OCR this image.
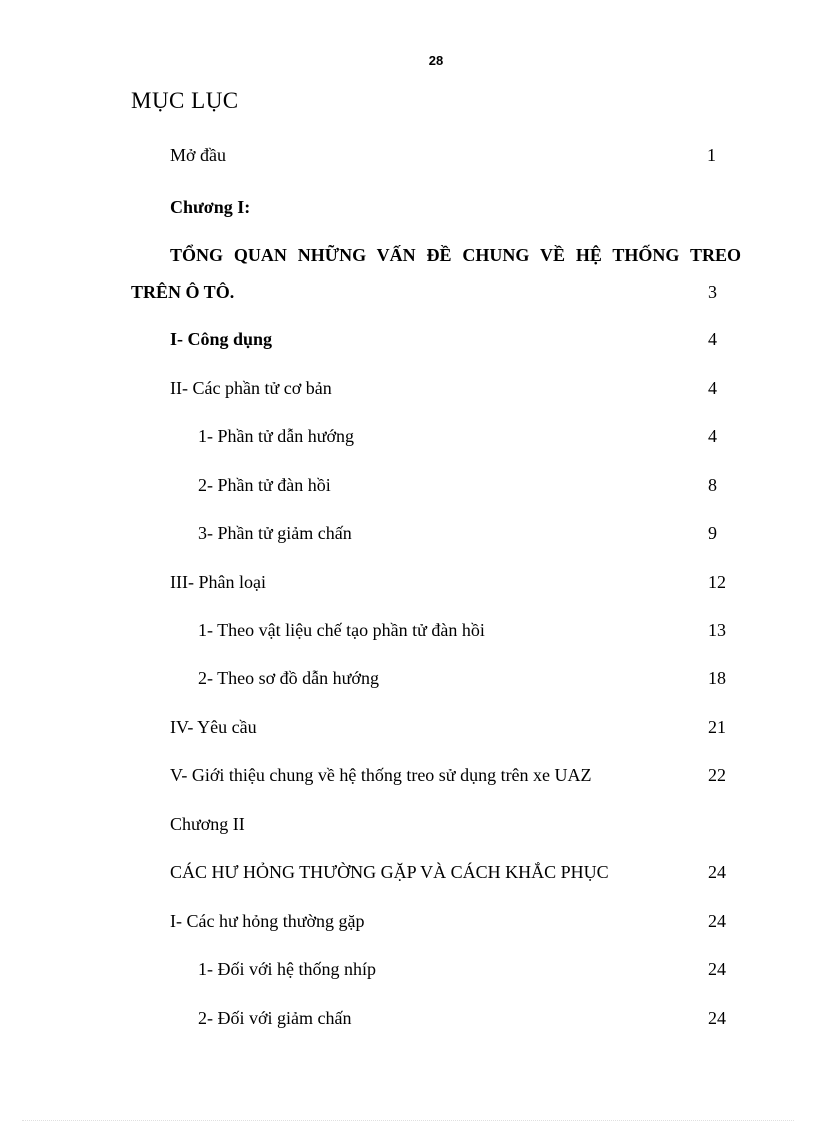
28
MỤC LỤC
Mở đầu	1
Chương I:
TỔNG QUAN NHỮNG VẤN ĐỀ CHUNG VỀ HỆ THỐNG TREO
TRÊN Ô TÔ.	3
I- Công dụng	4
II- Các phần tử cơ bản	4
1- Phần tử dẫn hướng	4
2- Phần tử đàn hồi	8
3- Phần tử giảm chấn	9
III- Phân loại	12
1- Theo vật liệu chế tạo phần tử đàn hồi	13
2- Theo sơ đồ dẫn hướng	18
IV- Yêu cầu	21
V- Giới thiệu chung về hệ thống treo sử dụng trên xe UAZ	22
Chương II
CÁC HƯ HỎNG THƯỜNG GẶP VÀ CÁCH KHẮC PHỤC	24
I- Các hư hỏng thường gặp	24
1- Đối với hệ thống nhíp	24
2- Đối với giảm chấn	24
